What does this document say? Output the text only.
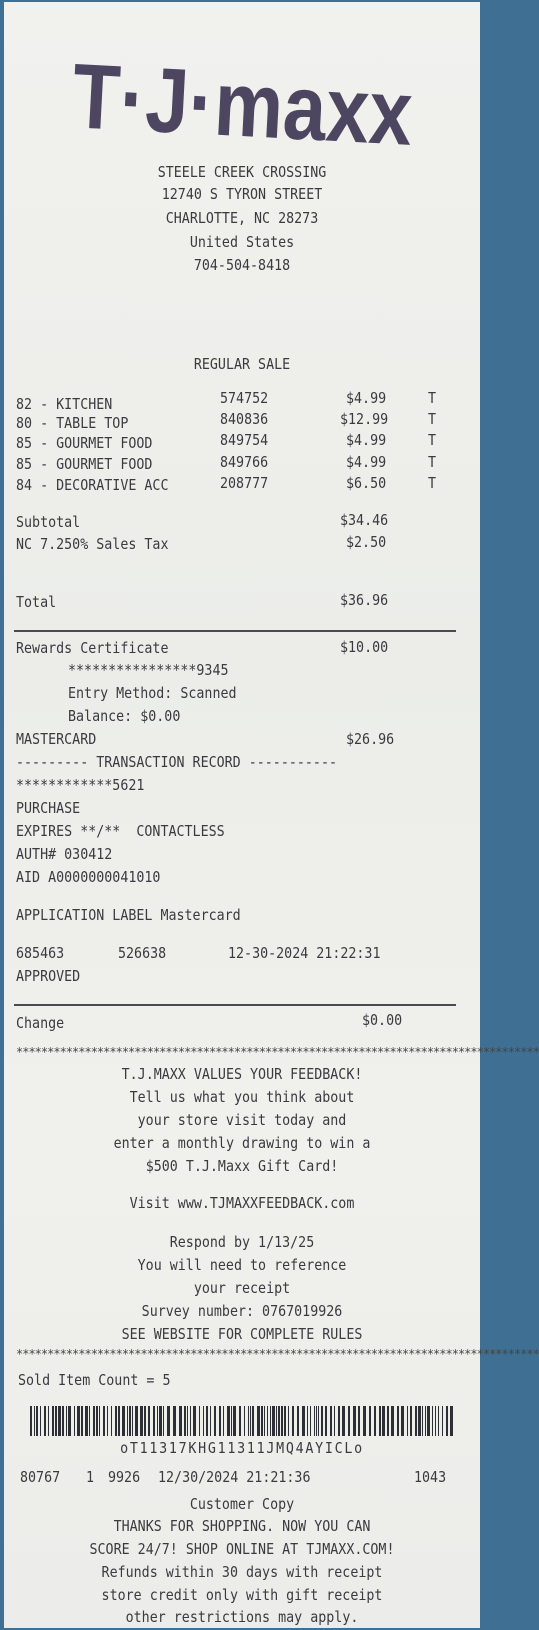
T·J·maxx
STEELE CREEK CROSSING
12740 S TYRON STREET
CHARLOTTE, NC 28273
United States
704-504-8418
REGULAR SALE
82 - KITCHEN	574752	$4.99	T
80 - TABLE TOP	840836	$12.99	T
85 - GOURMET FOOD	849754	$4.99	T
85 - GOURMET FOOD	849766	$4.99	T
84 - DECORATIVE ACC	208777	$6.50	T
Subtotal	$34.46
NC 7.250% Sales Tax	$2.50
Total	$36.96
Rewards Certificate	$10.00
****************9345
Entry Method: Scanned
Balance: $0.00
MASTERCARD	$26.96
--------- TRANSACTION RECORD -----------
************5621
PURCHASE
EXPIRES **/**  CONTACTLESS
AUTH# 030412
AID A0000000041010
APPLICATION LABEL Mastercard
685463	526638	12-30-2024 21:22:31
APPROVED
Change	$0.00
************************************************************************************
T.J.MAXX VALUES YOUR FEEDBACK!
Tell us what you think about
your store visit today and
enter a monthly drawing to win a
$500 T.J.Maxx Gift Card!
Visit www.TJMAXXFEEDBACK.com
Respond by 1/13/25
You will need to reference
your receipt
Survey number: 0767019926
SEE WEBSITE FOR COMPLETE RULES
************************************************************************************
Sold Item Count = 5
oT11317KHG11311JMQ4AYICLo
80767 1 9926 12/30/2024 21:21:36	1043
Customer Copy
THANKS FOR SHOPPING. NOW YOU CAN
SCORE 24/7! SHOP ONLINE AT TJMAXX.COM!
Refunds within 30 days with receipt
store credit only with gift receipt
other restrictions may apply.
